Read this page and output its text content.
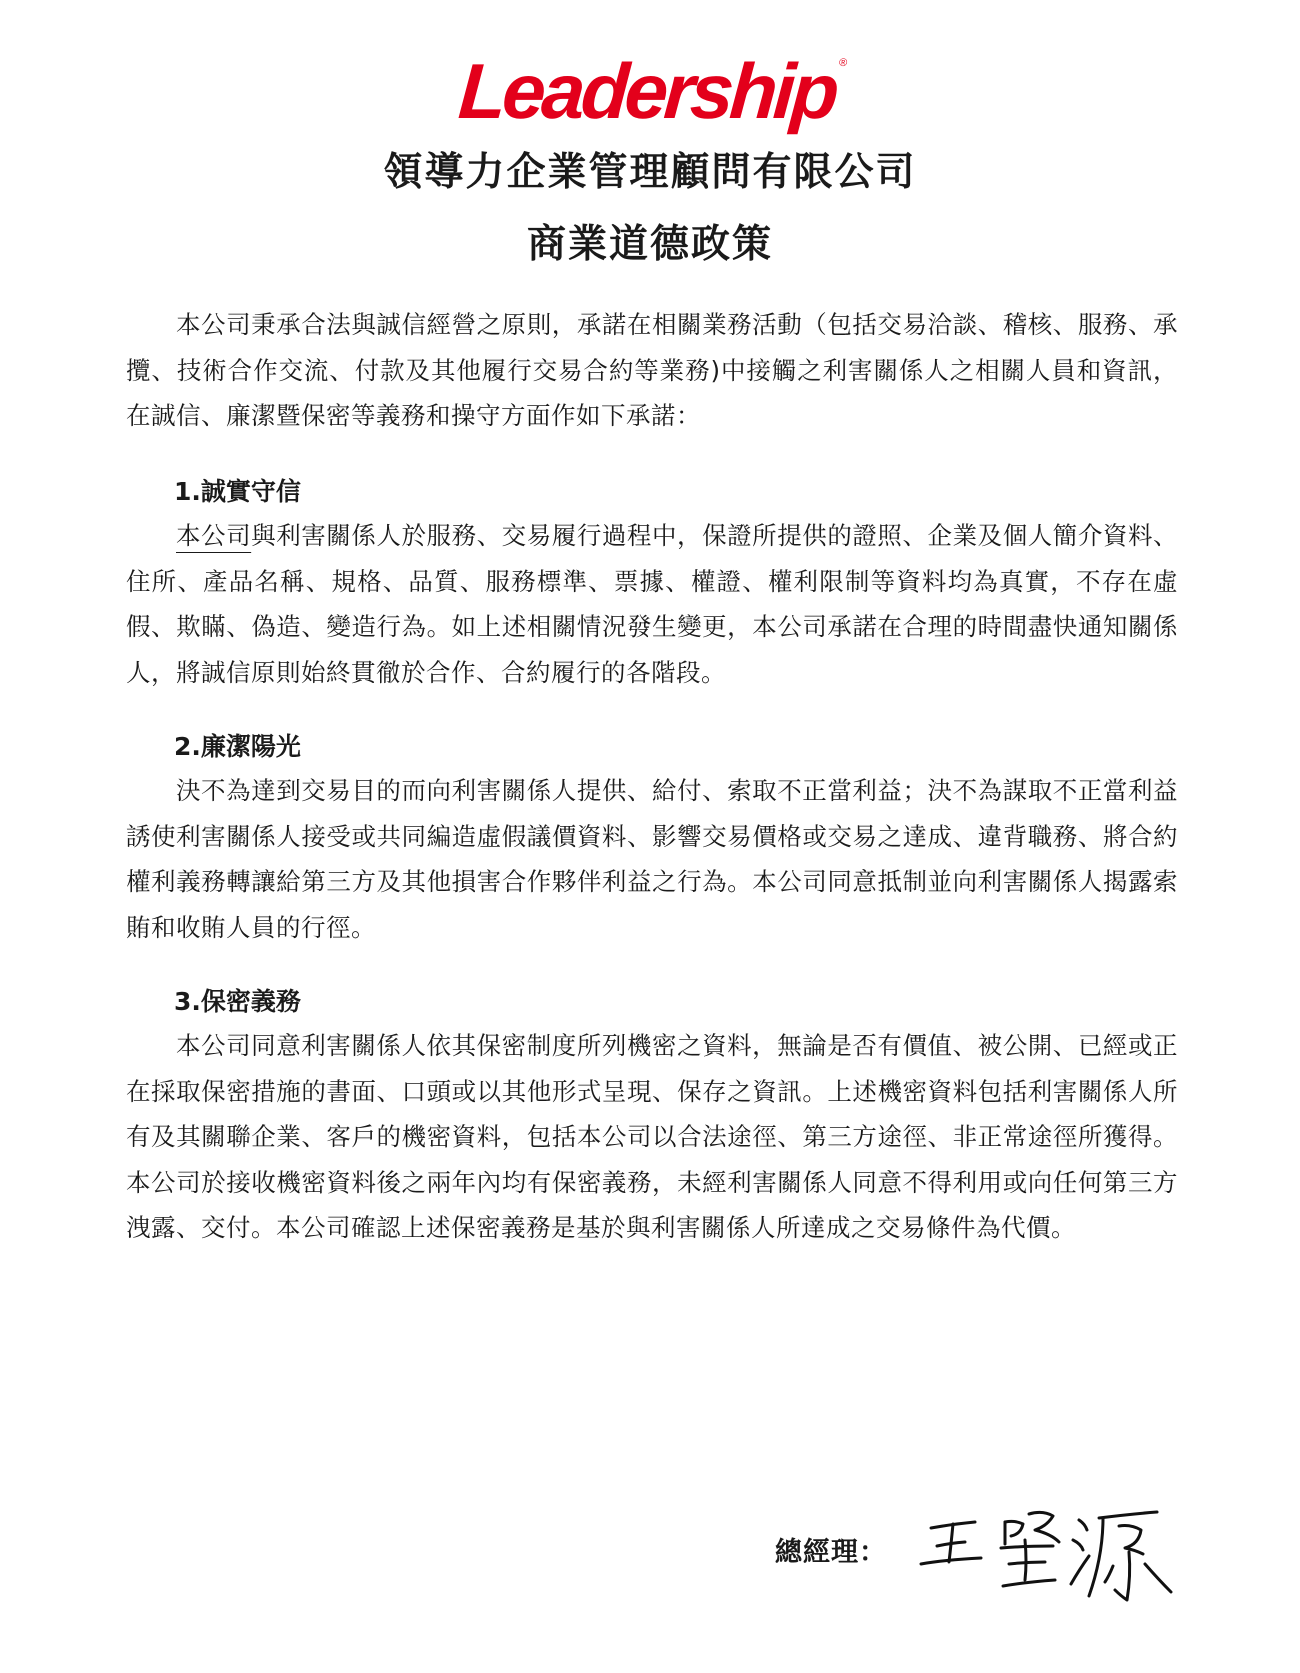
Leadership®
領導力企業管理顧問有限公司
商業道德政策

本公司秉承合法與誠信經營之原則，承諾在相關業務活動（包括交易洽談、稽核、服務、承攬、技術合作交流、付款及其他履行交易合約等業務)中接觸之利害關係人之相關人員和資訊，在誠信、廉潔暨保密等義務和操守方面作如下承諾：

1.誠實守信

本公司與利害關係人於服務、交易履行過程中，保證所提供的證照、企業及個人簡介資料、住所、產品名稱、規格、品質、服務標準、票據、權證、權利限制等資料均為真實，不存在虛假、欺瞞、偽造、變造行為。如上述相關情況發生變更，本公司承諾在合理的時間盡快通知關係人，將誠信原則始終貫徹於合作、合約履行的各階段。

2.廉潔陽光

決不為達到交易目的而向利害關係人提供、給付、索取不正當利益；決不為謀取不正當利益誘使利害關係人接受或共同編造虛假議價資料、影響交易價格或交易之達成、違背職務、將合約權利義務轉讓給第三方及其他損害合作夥伴利益之行為。本公司同意抵制並向利害關係人揭露索賄和收賄人員的行徑。

3.保密義務

本公司同意利害關係人依其保密制度所列機密之資料，無論是否有價值、被公開、已經或正在採取保密措施的書面、口頭或以其他形式呈現、保存之資訊。上述機密資料包括利害關係人所有及其關聯企業、客戶的機密資料，包括本公司以合法途徑、第三方途徑、非正常途徑所獲得。本公司於接收機密資料後之兩年內均有保密義務，未經利害關係人同意不得利用或向任何第三方洩露、交付。本公司確認上述保密義務是基於與利害關係人所達成之交易條件為代價。

總經理：
